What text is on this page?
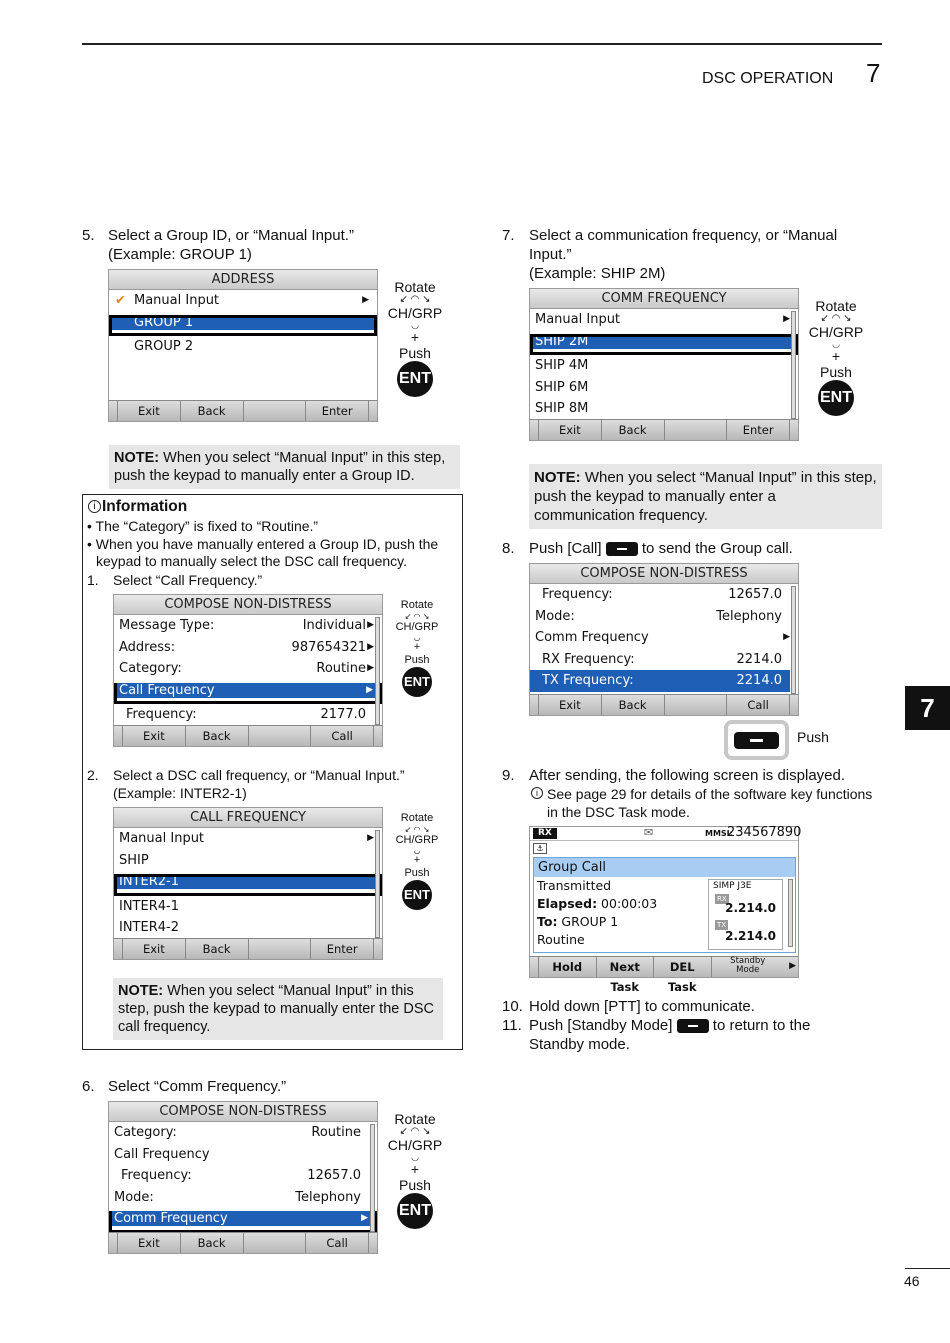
DSC OPERATION 7
7
46
5. Select a Group ID, or “Manual Input.”
(Example: GROUP 1)
ADDRESS
✔ Manual Input	▶
GROUP 1
GROUP 2
Exit	Back	Enter
Rotate
↙ ◠ ↘
CH/GRP
◡
+
Push
ENT
NOTE: When you select “Manual Input” in this step, push the keypad to manually enter a Group ID.
i Information
• The “Category” is fixed to “Routine.”
• When you have manually entered a Group ID, push the
keypad to manually select the DSC call frequency.
1. Select “Call Frequency.”
COMPOSE NON-DISTRESS
Message Type:	Individual ▶
Address:	987654321 ▶
Category:	Routine ▶
Call Frequency	▶
Frequency:	2177.0
Exit	Back	Call
Rotate
↙ ◠ ↘
CH/GRP
◡
+
Push
ENT
2. Select a DSC call frequency, or “Manual Input.”
(Example: INTER2-1)
CALL FREQUENCY
Manual Input	▶
SHIP
INTER2-1
INTER4-1
INTER4-2
Exit	Back	Enter
Rotate
↙ ◠ ↘
CH/GRP
◡
+
Push
ENT
NOTE: When you select “Manual Input” in this step, push the keypad to manually enter the DSC call frequency.
6. Select “Comm Frequency.”
COMPOSE NON-DISTRESS
Category:	Routine
Call Frequency
Frequency:	12657.0
Mode:	Telephony
Comm Frequency	▶
Exit	Back	Call
Rotate
↙ ◠ ↘
CH/GRP
◡
+
Push
ENT
7. Select a communication frequency, or “Manual
Input.”
(Example: SHIP 2M)
COMM FREQUENCY
Manual Input	▶
SHIP 2M
SHIP 4M
SHIP 6M
SHIP 8M
Exit	Back	Enter
Rotate
↙ ◠ ↘
CH/GRP
◡
+
Push
ENT
NOTE: When you select “Manual Input” in this step, push the keypad to manually enter a communication frequency.
8. Push [Call]	to send the Group call.
COMPOSE NON-DISTRESS
Frequency:	12657.0
Mode:	Telephony
Comm Frequency	▶
RX Frequency:	2214.0
TX Frequency:	2214.0
Exit	Back	Call
Push
9. After sending, the following screen is displayed.
i See page 29 for details of the software key functions
in the DSC Task mode.
RX	✉	MMSI:
234567890
⚓
Group Call
Transmitted
Elapsed: 00:00:03
To: GROUP 1
Routine
SIMP J3E
RX
2.214.0
TX
2.214.0
Hold	Next Task
DEL Task
Standby Mode	▶
10. Hold down [PTT] to communicate.
11. Push [Standby Mode]	to return to the
Standby mode.
